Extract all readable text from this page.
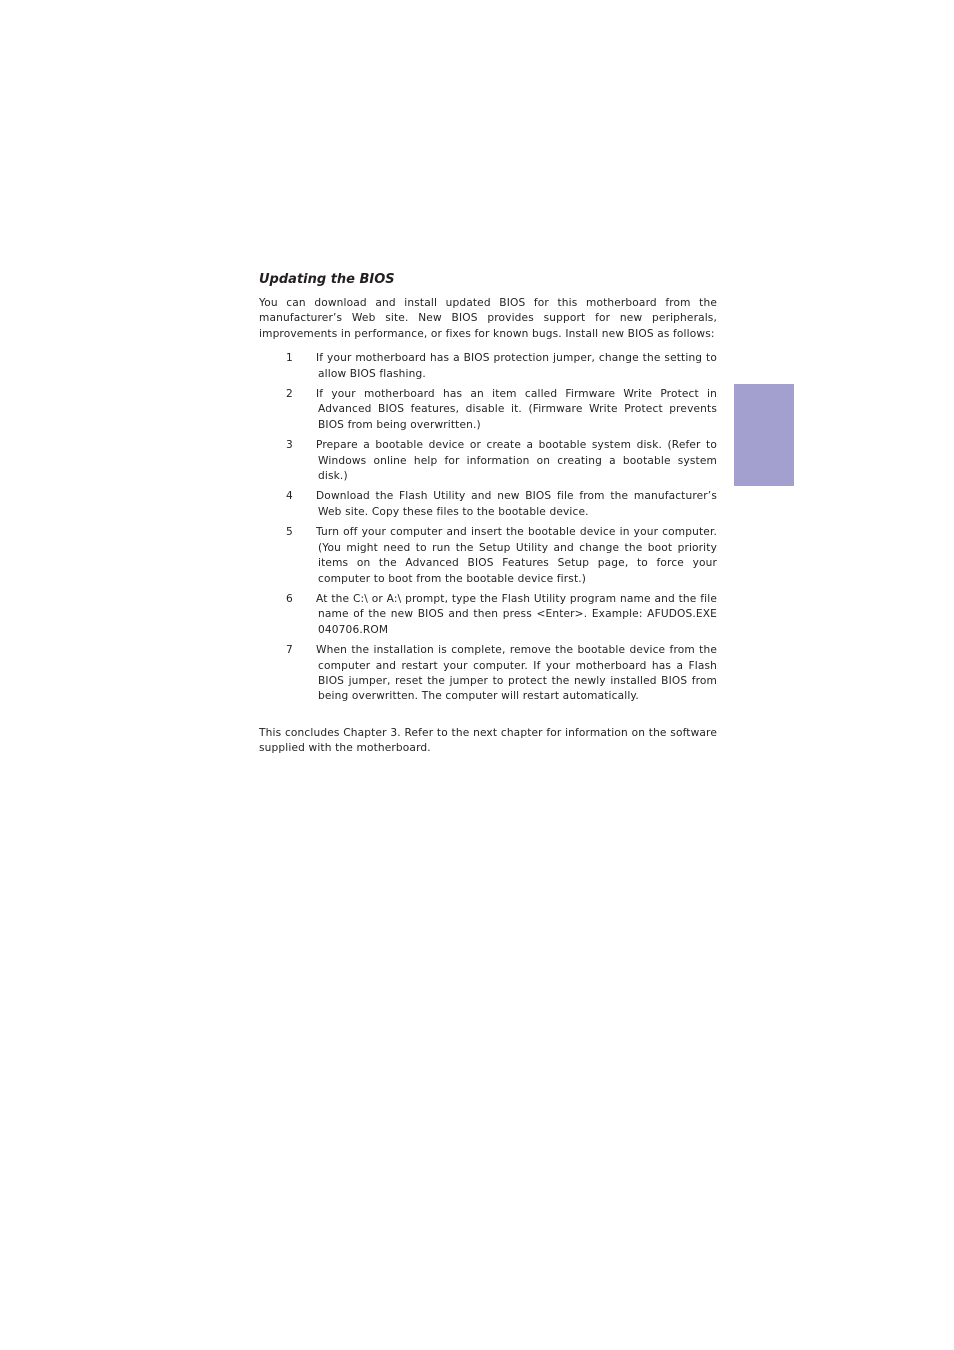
Updating the BIOS

You can download and install updated BIOS for this motherboard from the manufacturer’s Web site. New BIOS provides support for new peripherals, improvements in performance, or fixes for known bugs. Install new BIOS as follows:

1	If your motherboard has a BIOS protection jumper, change the setting to allow BIOS flashing.
2	If your motherboard has an item called Firmware Write Protect in Advanced BIOS features, disable it. (Firmware Write Protect prevents BIOS from being overwritten.)
3	Prepare a bootable device or create a bootable system disk. (Refer to Windows online help for information on creating a bootable system disk.)
4	Download the Flash Utility and new BIOS file from the manufacturer’s Web site. Copy these files to the bootable device.
5	Turn off your computer and insert the bootable device in your computer. (You might need to run the Setup Utility and change the boot priority items on the Advanced BIOS Features Setup page, to force your computer to boot from the bootable device first.)
6	At the C:\ or A:\ prompt, type the Flash Utility program name and the file name of the new BIOS and then press <Enter>. Example: AFUDOS.EXE 040706.ROM
7	When the installation is complete, remove the bootable device from the computer and restart your computer. If your motherboard has a Flash BIOS jumper, reset the jumper to protect the newly installed BIOS from being overwritten. The computer will restart automatically.

This concludes Chapter 3. Refer to the next chapter for information on the software supplied with the motherboard.
